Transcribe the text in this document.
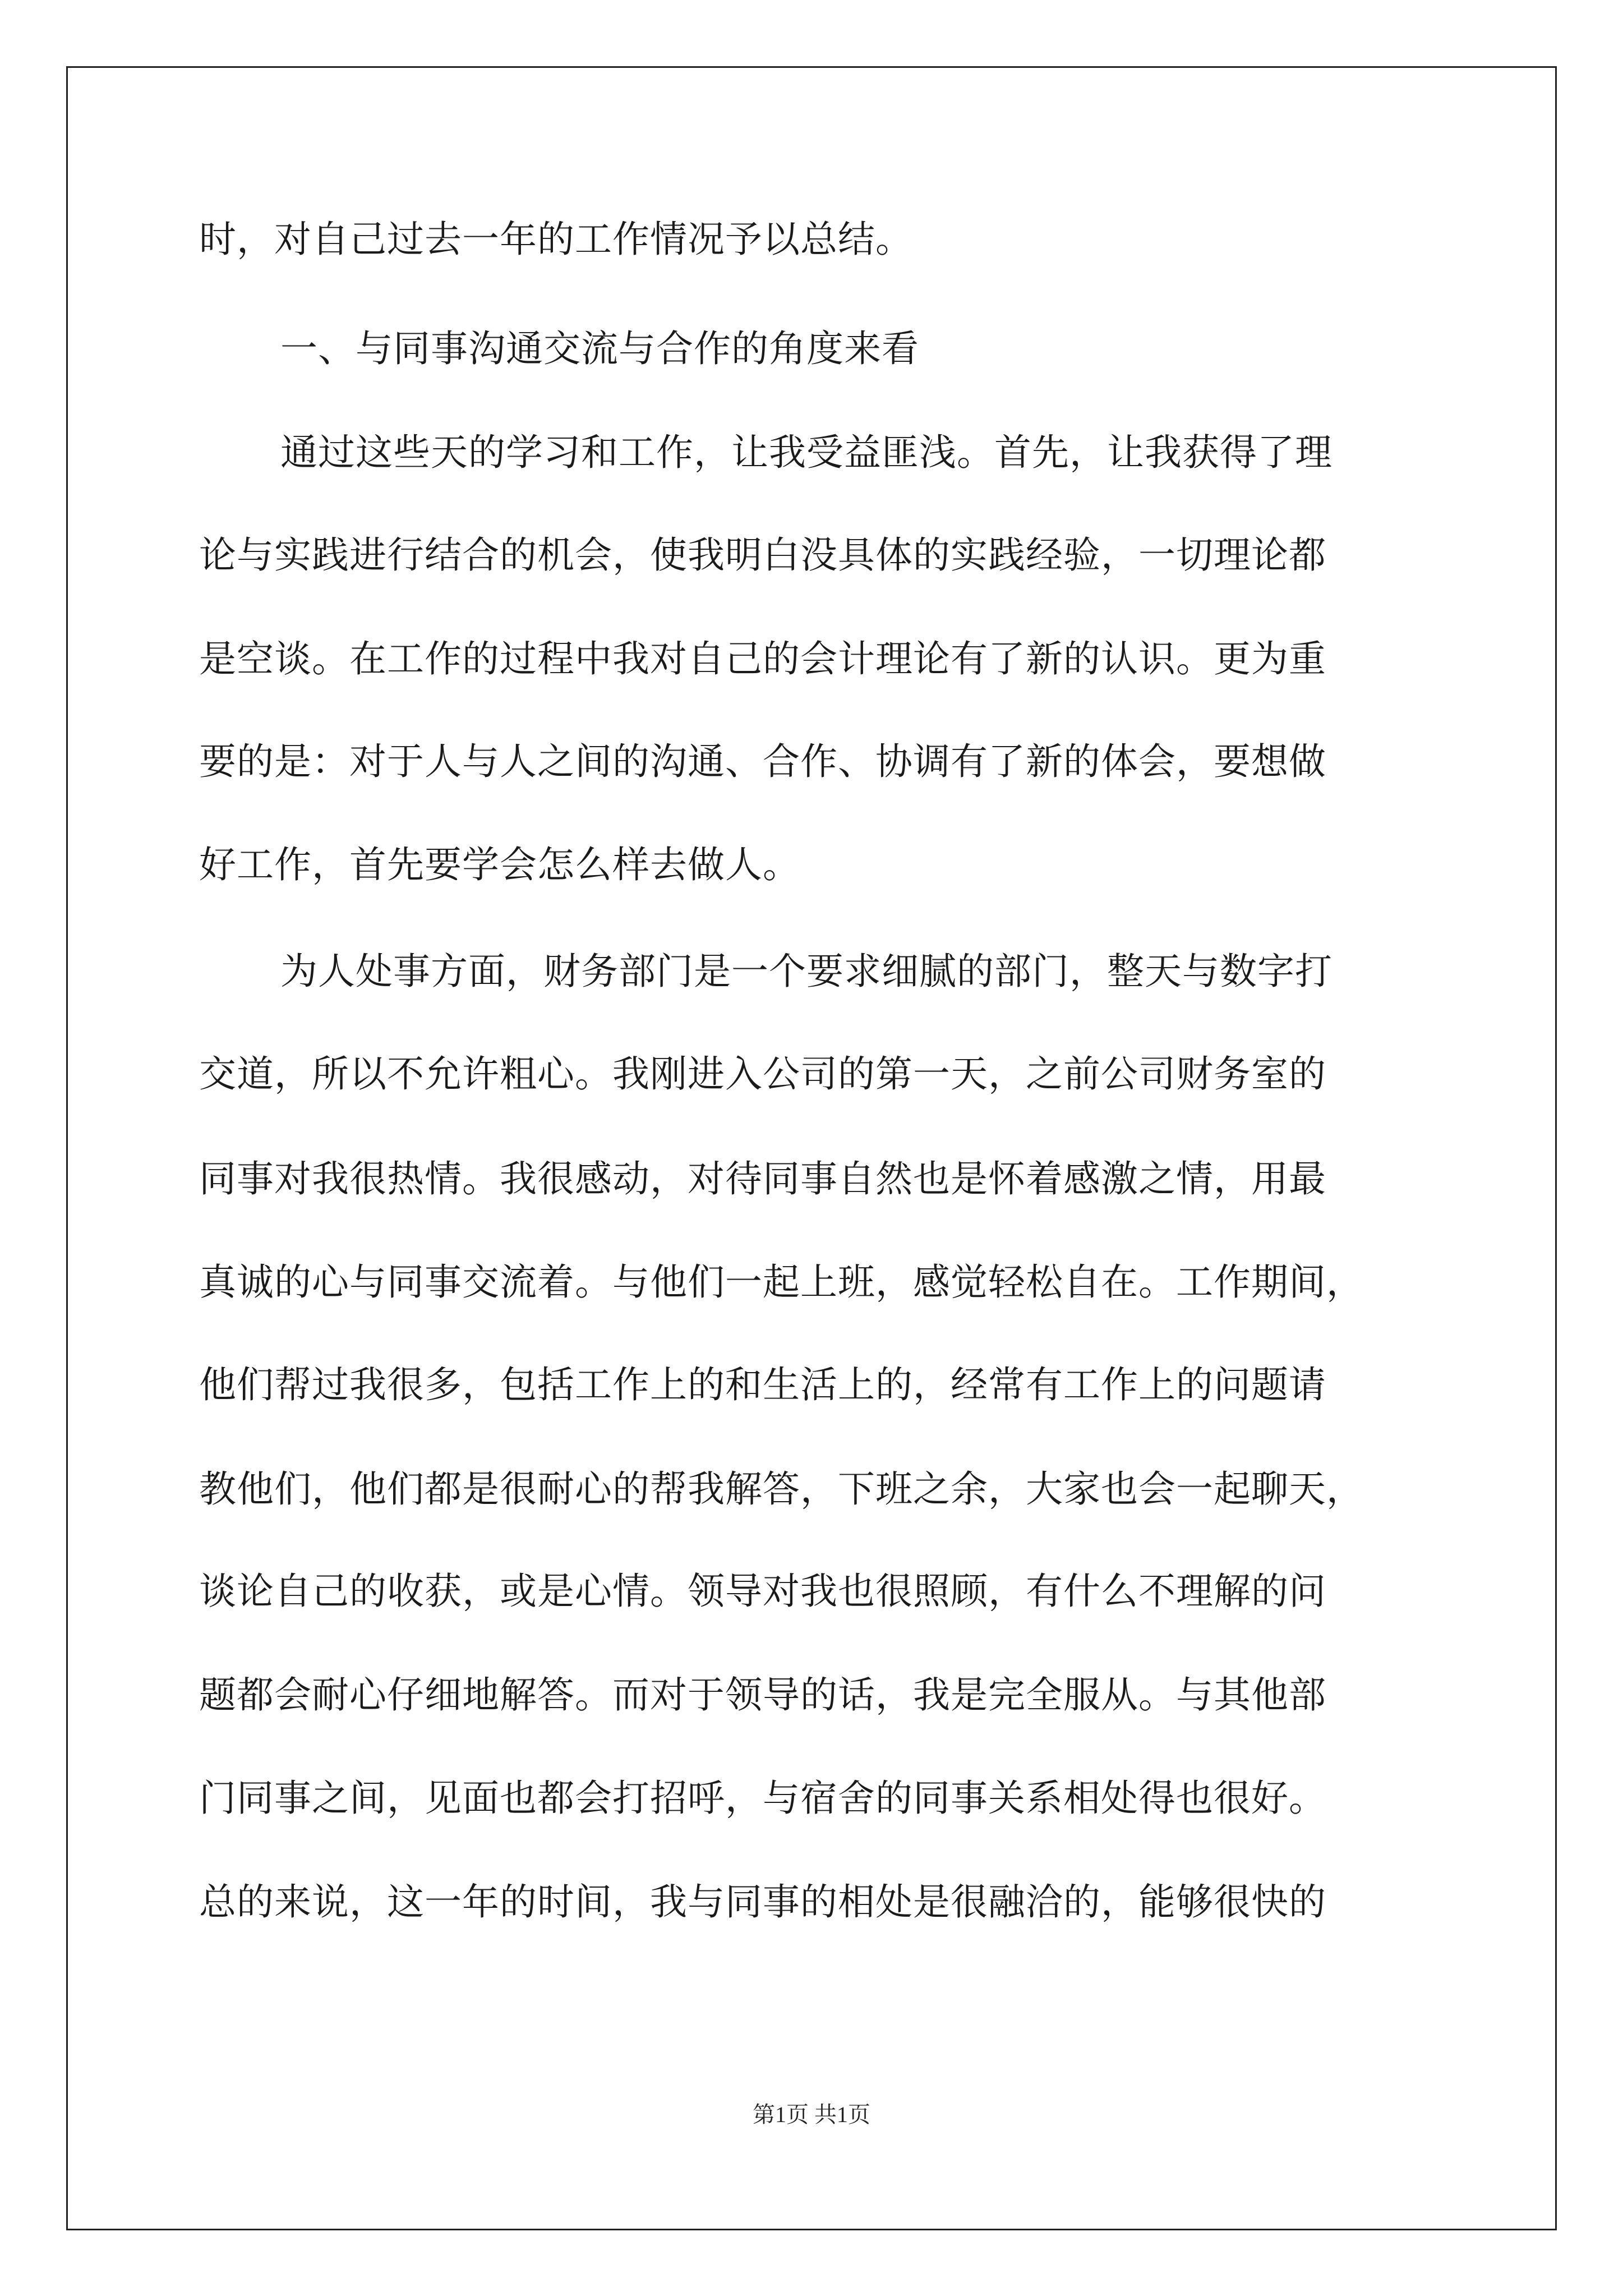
时，对自己过去一年的工作情况予以总结。
一、与同事沟通交流与合作的角度来看
通过这些天的学习和工作，让我受益匪浅。首先，让我获得了理
论与实践进行结合的机会，使我明白没具体的实践经验，一切理论都
是空谈。在工作的过程中我对自己的会计理论有了新的认识。更为重
要的是：对于人与人之间的沟通、合作、协调有了新的体会，要想做
好工作，首先要学会怎么样去做人。
为人处事方面，财务部门是一个要求细腻的部门，整天与数字打
交道，所以不允许粗心。我刚进入公司的第一天，之前公司财务室的
同事对我很热情。我很感动，对待同事自然也是怀着感激之情，用最
真诚的心与同事交流着。与他们一起上班，感觉轻松自在。工作期间，
他们帮过我很多，包括工作上的和生活上的，经常有工作上的问题请
教他们，他们都是很耐心的帮我解答，下班之余，大家也会一起聊天，
谈论自己的收获，或是心情。领导对我也很照顾，有什么不理解的问
题都会耐心仔细地解答。而对于领导的话，我是完全服从。与其他部
门同事之间，见面也都会打招呼，与宿舍的同事关系相处得也很好。
总的来说，这一年的时间，我与同事的相处是很融洽的，能够很快的
第1页 共1页
